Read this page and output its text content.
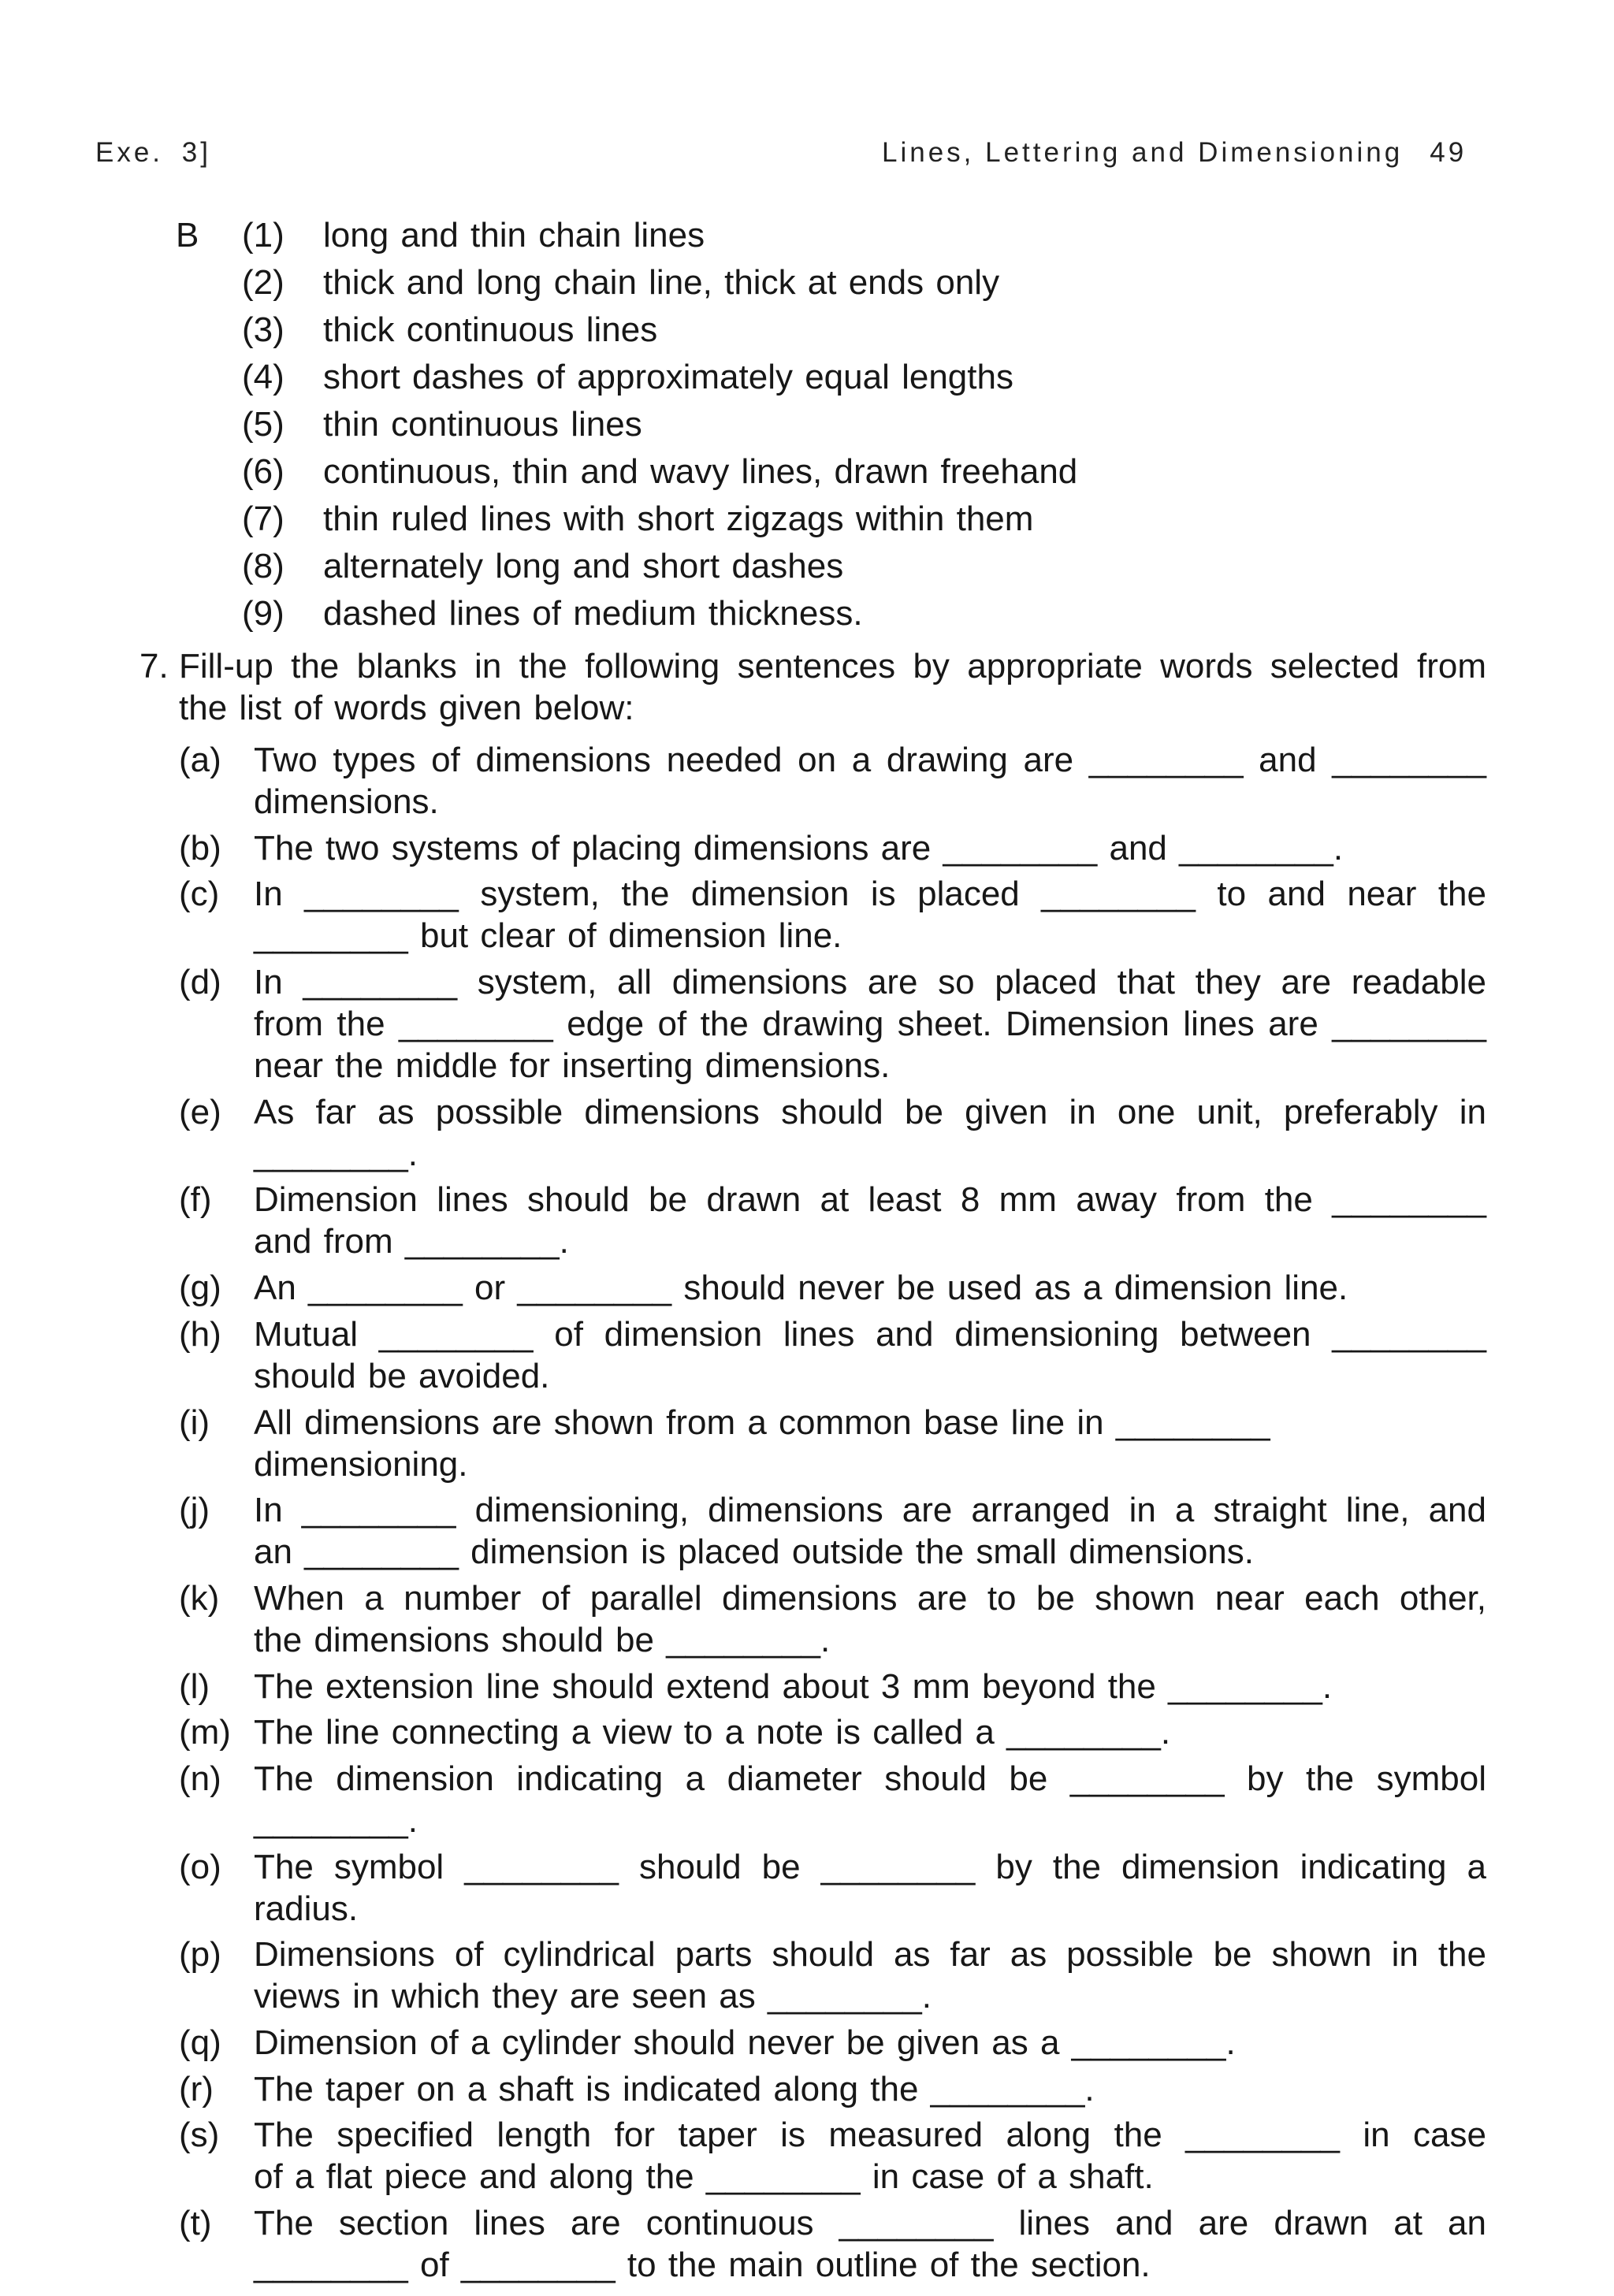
Exe. 3]	Lines, Lettering and Dimensioning 49
B (1) long and thin chain lines
(2) thick and long chain line, thick at ends only
(3) thick continuous lines
(4) short dashes of approximately equal lengths
(5) thin continuous lines
(6) continuous, thin and wavy lines, drawn freehand
(7) thin ruled lines with short zigzags within them
(8) alternately long and short dashes
(9) dashed lines of medium thickness.
7. Fill-up the blanks in the following sentences by appropriate words selected from
the list of words given below:
(a) Two types of dimensions needed on a drawing are ________ and ________
dimensions.
(b) The two systems of placing dimensions are ________ and ________.
(c) In ________ system, the dimension is placed ________ to and near the
________ but clear of dimension line.
(d) In ________ system, all dimensions are so placed that they are readable
from the ________ edge of the drawing sheet. Dimension lines are ________
near the middle for inserting dimensions.
(e) As far as possible dimensions should be given in one unit, preferably in
________.
(f) Dimension lines should be drawn at least 8 mm away from the ________
and from ________.
(g) An ________ or ________ should never be used as a dimension line.
(h) Mutual ________ of dimension lines and dimensioning between ________
should be avoided.
(i) All dimensions are shown from a common base line in ________ dimensioning.
(j) In ________ dimensioning, dimensions are arranged in a straight line, and
an ________ dimension is placed outside the small dimensions.
(k) When a number of parallel dimensions are to be shown near each other,
the dimensions should be ________.
(l) The extension line should extend about 3 mm beyond the ________.
(m) The line connecting a view to a note is called a ________.
(n) The dimension indicating a diameter should be ________ by the symbol
________.
(o) The symbol ________ should be ________ by the dimension indicating a
radius.
(p) Dimensions of cylindrical parts should as far as possible be shown in the
views in which they are seen as ________.
(q) Dimension of a cylinder should never be given as a ________.
(r) The taper on a shaft is indicated along the ________.
(s) The specified length for taper is measured along the ________ in case
of a flat piece and along the ________ in case of a shaft.
(t) The section lines are continuous ________ lines and are drawn at an
________ of ________ to the main outline of the section.
